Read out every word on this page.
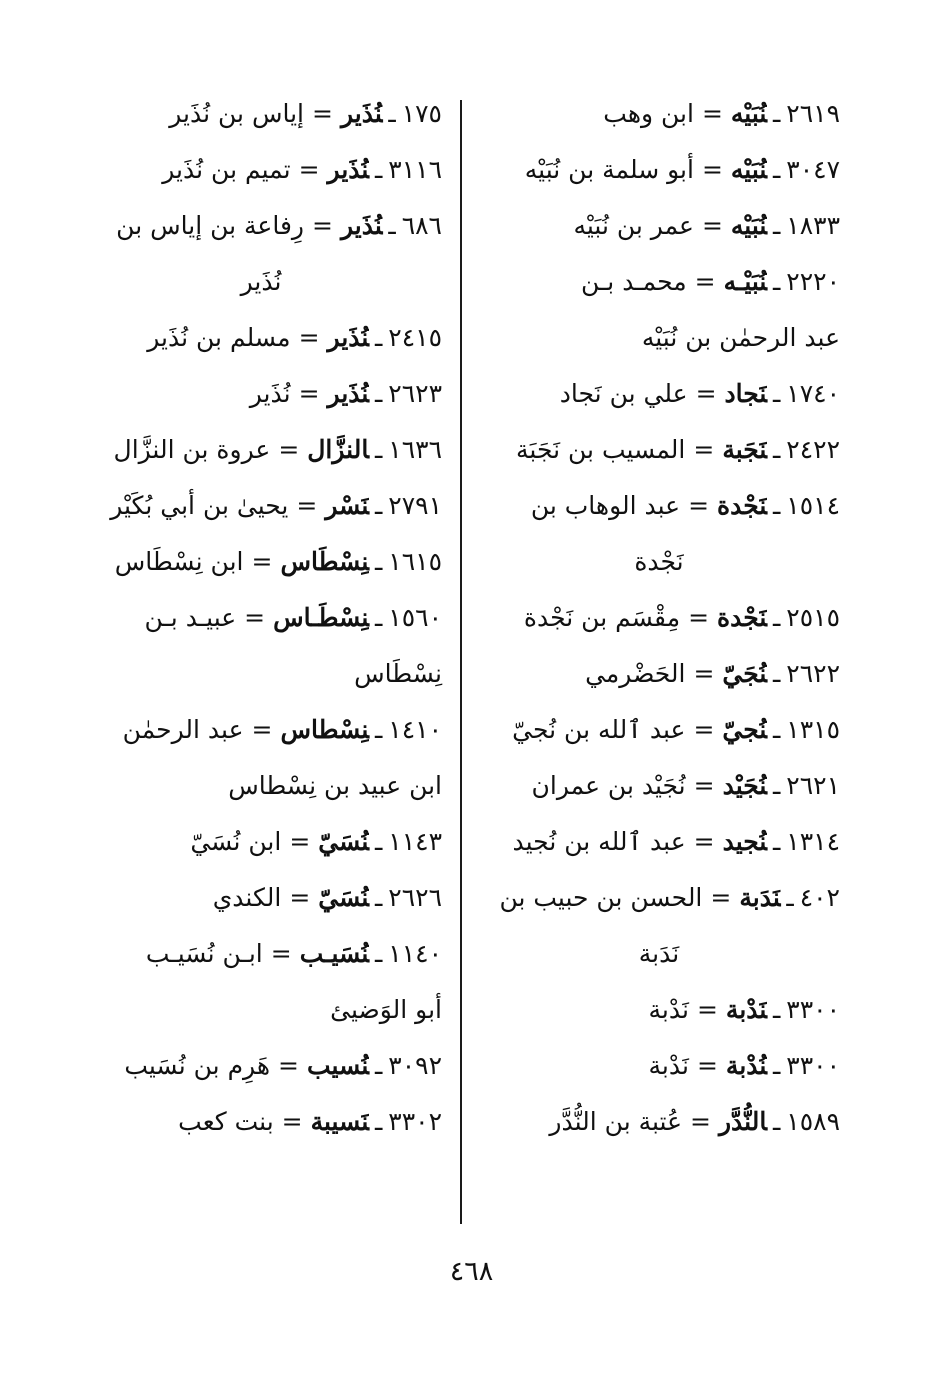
٢٦١٩ـنُبَيْه=ابن وهب

٣٠٤٧ـنُبَيْه=أبو سلمة بن نُبَيْه

١٨٣٣ـنُبَيْه=عمر بن نُبَيْه

٢٢٢٠ـنُبَيْـه=محمـد بـن
عبد الرحمٰن بن نُبَيْه

١٧٤٠ـنَجاد=علي بن نَجاد

٢٤٢٢ـنَجَبة=المسيب بن نَجَبَة

١٥١٤ـنَجْدة=عبد الوهاب بن
نَجْدة

٢٥١٥ـنَجْدة=مِقْسَم بن نَجْدة

٢٦٢٢ـنُجَيّ=الحَضْرمي

١٣١٥ـنُجيّ=عبد ٱلله بن نُجيّ

٢٦٢١ـنُجَيْد=نُجَيْد بن عمران

١٣١٤ـنُجيد=عبد ٱلله بن نُجيد

٤٠٢ـنَدَبة=الحسن بن حبيب بن
نَدَبة

٣٣٠٠ـنَدْبة=نَدْبة

٣٣٠٠ـنُدْبة=نَدْبة

١٥٨٩ـالنُّدَّر=عُتبة بن النُّدَّر

١٧٥ـنُذَير=إياس بن نُذَير

٣١١٦ـنُذَير=تميم بن نُذَير

٦٨٦ـنُذَير=رِفاعة بن إياس بن
نُذَير

٢٤١٥ـنُذَير=مسلم بن نُذَير

٢٦٢٣ـنُذَير=نُذَير

١٦٣٦ـالنزَّال=عروة بن النزَّال

٢٧٩١ـنَسْر=يحيىٰ بن أبي بُكَيْر

١٦١٥ـنِسْطَاس=ابن نِسْطَاس

١٥٦٠ـنِسْطَـاس=عبيـد بـن
نِسْطَاس

١٤١٠ـنِسْطاس=عبد الرحمٰن
ابن عبيد بن نِسْطاس

١١٤٣ـنُسَيّ=ابن نُسَيّ

٢٦٢٦ـنُسَيّ=الكندي

١١٤٠ـنُسَيـب=ابـن نُسَيـب
أبو الوَضيئ

٣٠٩٢ـنُسيب=هَرِم بن نُسَيب

٣٣٠٢ـنَسيبة=بنت كعب

٤٦٨
